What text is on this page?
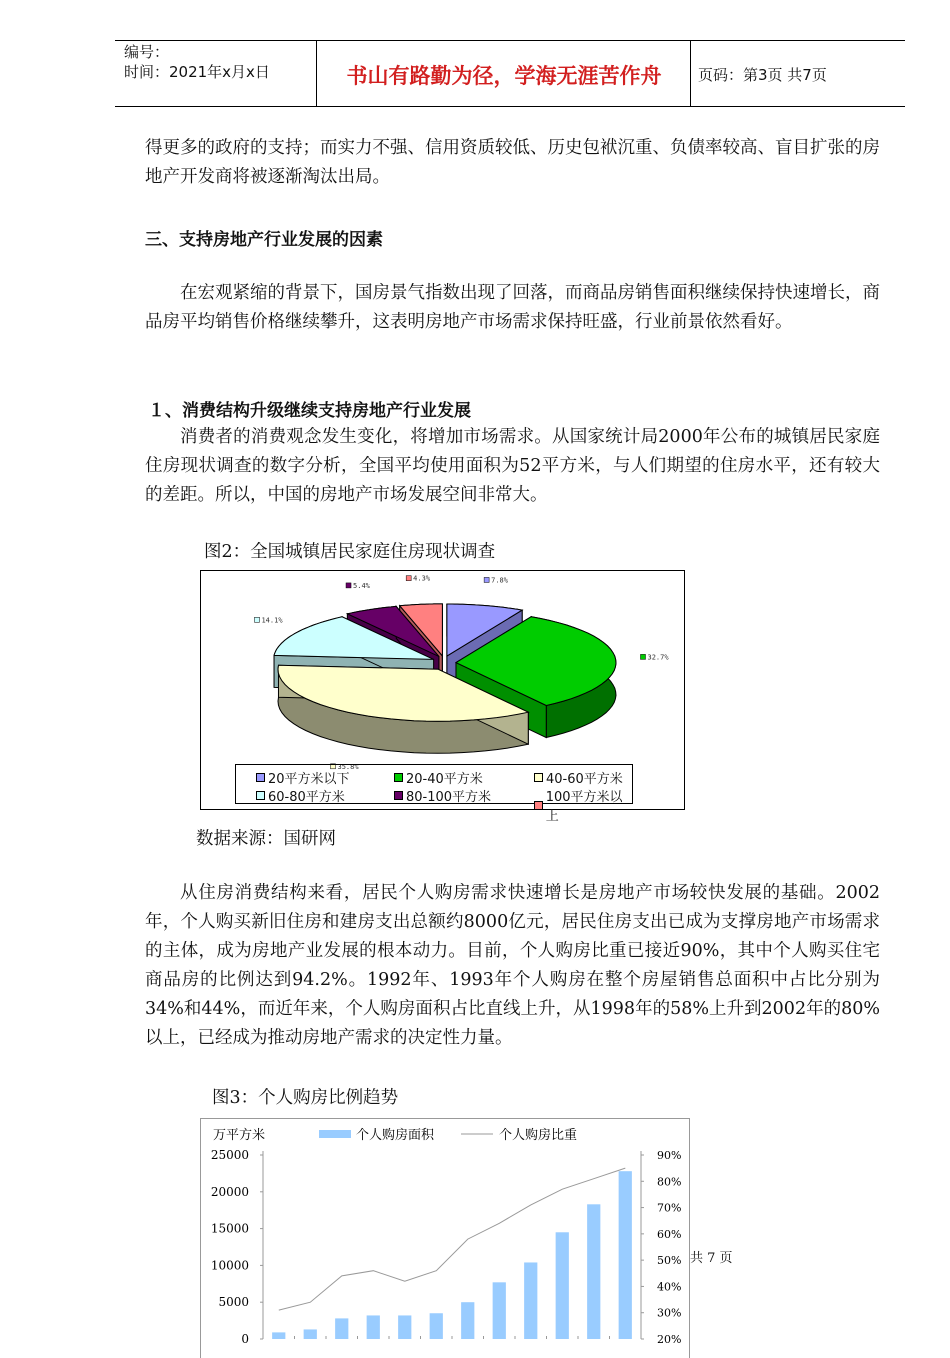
编号：
时间：2021年x月x日	书山有路勤为径，学海无涯苦作舟	页码：第3页 共7页
得更多的政府的支持；而实力不强、信用资质较低、历史包袱沉重、负债率较高、盲目扩张的房地产开发商将被逐渐淘汰出局。
三、支持房地产行业发展的因素
在宏观紧缩的背景下，国房景气指数出现了回落，而商品房销售面积继续保持快速增长，商品房平均销售价格继续攀升，这表明房地产市场需求保持旺盛，行业前景依然看好。
１、消费结构升级继续支持房地产行业发展
消费者的消费观念发生变化，将增加市场需求。从国家统计局2000年公布的城镇居民家庭住房现状调查的数字分析，全国平均使用面积为52平方米，与人们期望的住房水平，还有较大的差距。所以，中国的房地产市场发展空间非常大。
图2：全国城镇居民家庭住房现状调查
7.8%
32.7%
35.8%
14.1%
5.4%
4.3%
20平方米以下	20-40平方米	40-60平方米
60-80平方米	80-100平方米	100平方米以上
数据来源：国研网
从住房消费结构来看，居民个人购房需求快速增长是房地产市场较快发展的基础。2002年，个人购买新旧住房和建房支出总额约8000亿元，居民住房支出已成为支撑房地产市场需求的主体，成为房地产业发展的根本动力。目前，个人购房比重已接近90%，其中个人购买住宅商品房的比例达到94.2%。1992年、1993年个人购房在整个房屋销售总面积中占比分别为34%和44%，而近年来，个人购房面积占比直线上升，从1998年的58%上升到2002年的80%以上，已经成为推动房地产需求的决定性力量。
图3：个人购房比例趋势
万平方米	个人购房面积	个人购房比重
0
5000
10000
15000
20000
25000
20%
30%
40%
50%
60%
70%
80%
90%
共 7 页
